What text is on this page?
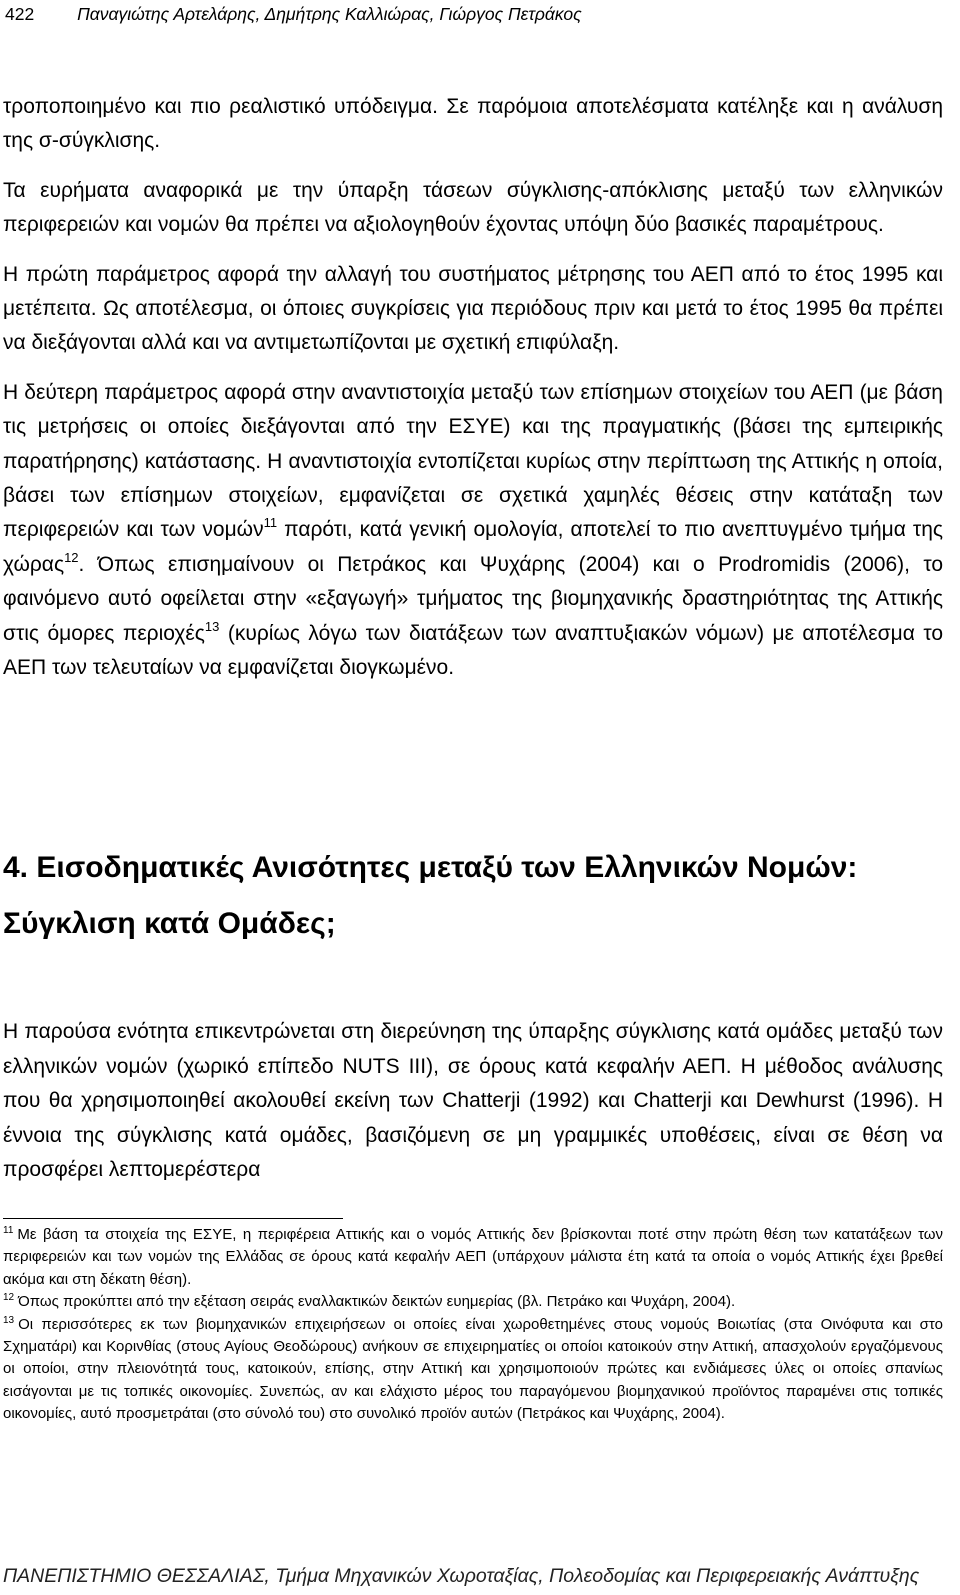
422 Παναγιώτης Αρτελάρης, Δημήτρης Καλλιώρας, Γιώργος Πετράκος

τροποποιημένο και πιο ρεαλιστικό υπόδειγμα. Σε παρόμοια αποτελέσματα κατέληξε και η ανάλυση της σ-σύγκλισης.

Τα ευρήματα αναφορικά με την ύπαρξη τάσεων σύγκλισης-απόκλισης μεταξύ των ελληνικών περιφερειών και νομών θα πρέπει να αξιολογηθούν έχοντας υπόψη δύο βασικές παραμέτρους.

Η πρώτη παράμετρος αφορά την αλλαγή του συστήματος μέτρησης του ΑΕΠ από το έτος 1995 και μετέπειτα. Ως αποτέλεσμα, οι όποιες συγκρίσεις για περιόδους πριν και μετά το έτος 1995 θα πρέπει να διεξάγονται αλλά και να αντιμετωπίζονται με σχετική επιφύλαξη.

Η δεύτερη παράμετρος αφορά στην αναντιστοιχία μεταξύ των επίσημων στοιχείων του ΑΕΠ (με βάση τις μετρήσεις οι οποίες διεξάγονται από την ΕΣΥΕ) και της πραγματικής (βάσει της εμπειρικής παρατήρησης) κατάστασης. Η αναντιστοιχία εντοπίζεται κυρίως στην περίπτωση της Αττικής η οποία, βάσει των επίσημων στοιχείων, εμφανίζεται σε σχετικά χαμηλές θέσεις στην κατάταξη των περιφερειών και των νομών$^{11}$ παρότι, κατά γενική ομολογία, αποτελεί το πιο ανεπτυγμένο τμήμα της χώρας$^{12}$. Όπως επισημαίνουν οι Πετράκος και Ψυχάρης (2004) και ο Prodromidis (2006), το φαινόμενο αυτό οφείλεται στην «εξαγωγή» τμήματος της βιομηχανικής δραστηριότητας της Αττικής στις όμορες περιοχές$^{13}$ (κυρίως λόγω των διατάξεων των αναπτυξιακών νόμων) με αποτέλεσμα το ΑΕΠ των τελευταίων να εμφανίζεται διογκωμένο.

4. Εισοδηματικές Ανισότητες μεταξύ των Ελληνικών Νομών: Σύγκλιση κατά Ομάδες;

Η παρούσα ενότητα επικεντρώνεται στη διερεύνηση της ύπαρξης σύγκλισης κατά ομάδες μεταξύ των ελληνικών νομών (χωρικό επίπεδο NUTS III), σε όρους κατά κεφαλήν ΑΕΠ. Η μέθοδος ανάλυσης που θα χρησιμοποιηθεί ακολουθεί εκείνη των Chatterji (1992) και Chatterji και Dewhurst (1996). Η έννοια της σύγκλισης κατά ομάδες, βασιζόμενη σε μη γραμμικές υποθέσεις, είναι σε θέση να προσφέρει λεπτομερέστερα

$^{11}$ Με βάση τα στοιχεία της ΕΣΥΕ, η περιφέρεια Αττικής και ο νομός Αττικής δεν βρίσκονται ποτέ στην πρώτη θέση των κατατάξεων των περιφερειών και των νομών της Ελλάδας σε όρους κατά κεφαλήν ΑΕΠ (υπάρχουν μάλιστα έτη κατά τα οποία ο νομός Αττικής έχει βρεθεί ακόμα και στη δέκατη θέση).

$^{12}$ Όπως προκύπτει από την εξέταση σειράς εναλλακτικών δεικτών ευημερίας (βλ. Πετράκο και Ψυχάρη, 2004).

$^{13}$ Οι περισσότερες εκ των βιομηχανικών επιχειρήσεων οι οποίες είναι χωροθετημένες στους νομούς Βοιωτίας (στα Οινόφυτα και στο Σχηματάρι) και Κορινθίας (στους Αγίους Θεοδώρους) ανήκουν σε επιχειρηματίες οι οποίοι κατοικούν στην Αττική, απασχολούν εργαζόμενους οι οποίοι, στην πλειονότητά τους, κατοικούν, επίσης, στην Αττική και χρησιμοποιούν πρώτες και ενδιάμεσες ύλες οι οποίες σπανίως εισάγονται με τις τοπικές οικονομίες. Συνεπώς, αν και ελάχιστο μέρος του παραγόμενου βιομηχανικού προϊόντος παραμένει στις τοπικές οικονομίες, αυτό προσμετράται (στο σύνολό του) στο συνολικό προϊόν αυτών (Πετράκος και Ψυχάρης, 2004).

ΠΑΝΕΠΙΣΤΗΜΙΟ ΘΕΣΣΑΛΙΑΣ, Τμήμα Μηχανικών Χωροταξίας, Πολεοδομίας και Περιφερειακής Ανάπτυξης
